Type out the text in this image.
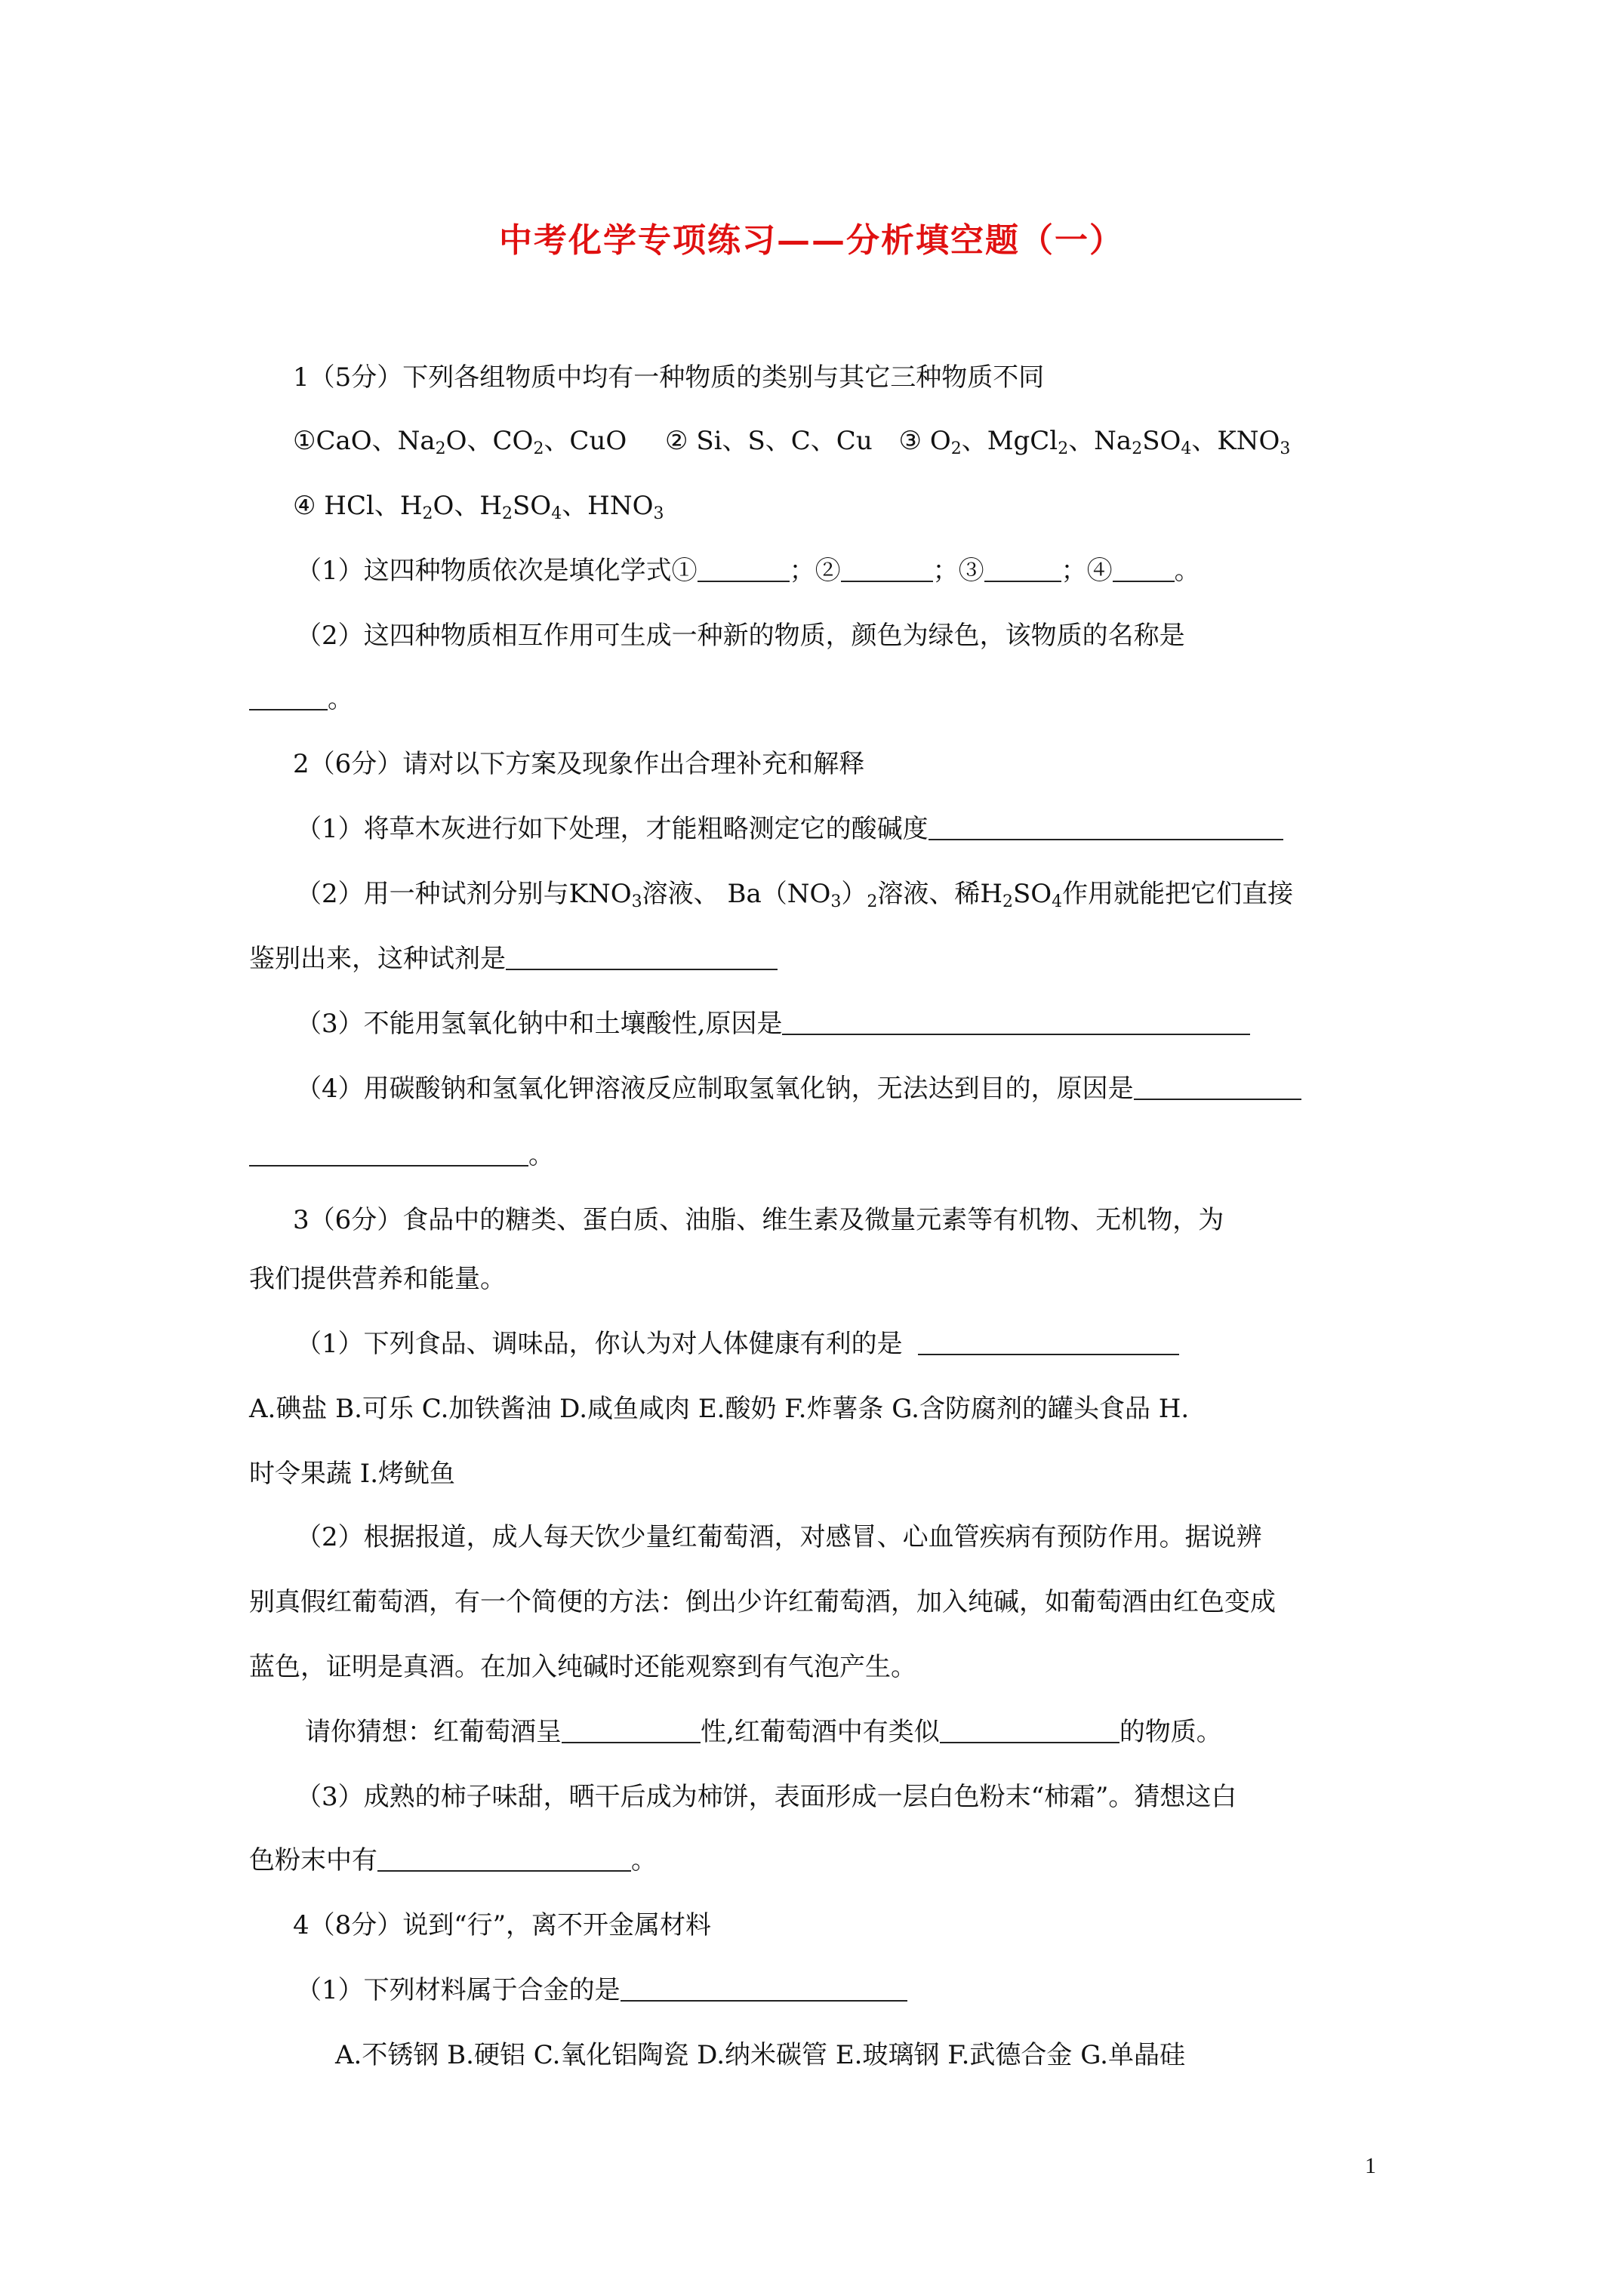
中考化学专项练习——分析填空题（一）
1（5分）下列各组物质中均有一种物质的类别与其它三种物质不同
①CaO、$Na_2O$、$CO_2$、CuO ② Si、S、C、Cu ③ $O_2$、MgCl$_2$、$Na_2SO_4$、$KNO_3$
④ HCl、$H_2O$、$H_2SO_4$、$HNO_3$
（1）这四种物质依次是填化学式①	；②	；③	；④ 。
（2）这四种物质相互作用可生成一种新的物质，颜色为绿色，该物质的名称是
。
2（6分）请对以下方案及现象作出合理补充和解释
（1）将草木灰进行如下处理，才能粗略测定它的酸碱度
（2）用一种试剂分别与$KNO_3$溶液、 $Ba(NO_3)_2$溶液、稀$H_2SO_4$作用就能把它们直接
鉴别出来，这种试剂是
（3）不能用氢氧化钠中和土壤酸性,原因是
（4）用碳酸钠和氢氧化钾溶液反应制取氢氧化钠，无法达到目的，原因是
。
3（6分）食品中的糖类、蛋白质、油脂、维生素及微量元素等有机物、无机物，为
我们提供营养和能量。
（1）下列食品、调味品，你认为对人体健康有利的是
A.碘盐 B.可乐 C.加铁酱油 D.咸鱼咸肉 E.酸奶 F.炸薯条 G.含防腐剂的罐头食品 H.
时令果蔬 I.烤鱿鱼
（2）根据报道，成人每天饮少量红葡萄酒，对感冒、心血管疾病有预防作用。据说辨
别真假红葡萄酒，有一个简便的方法：倒出少许红葡萄酒，加入纯碱，如葡萄酒由红色变成
蓝色，证明是真酒。在加入纯碱时还能观察到有气泡产生。
请你猜想：红葡萄酒呈	性,红葡萄酒中有类似	的物质。
（3）成熟的柿子味甜，晒干后成为柿饼，表面形成一层白色粉末“柿霜”。猜想这白
色粉末中有	。
4（8分）说到“行”，离不开金属材料
（1）下列材料属于合金的是
A.不锈钢 B.硬铝 C.氧化铝陶瓷 D.纳米碳管 E.玻璃钢 F.武德合金 G.单晶硅
1
